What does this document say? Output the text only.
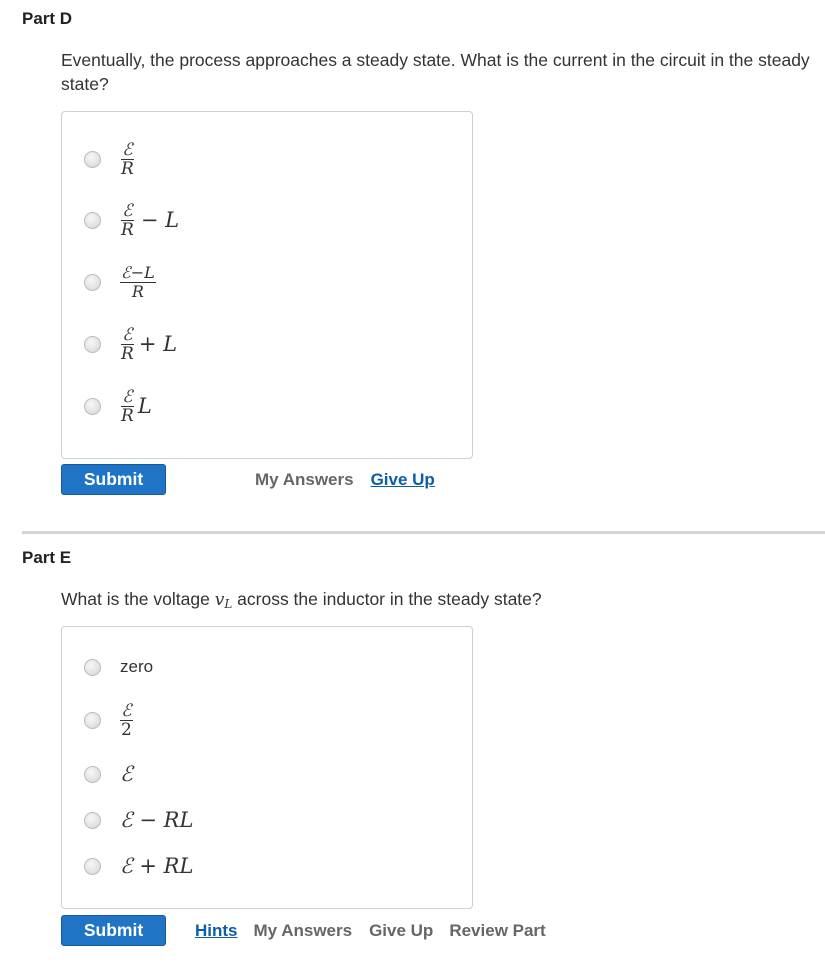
Part D
Eventually, the process approaches a steady state. What is the current in the circuit in the steady state?
$\frac{\text{ℰ}}{R}$
$\frac{\text{ℰ}}{R} - L$
$\frac{\text{ℰ−L}}{R}$
$\frac{\text{ℰ}}{R} + L$
$\frac{\text{ℰ}}{R}$ L
Submit	My Answers Give Up
Part E
What is the voltage $v_L$ across the inductor in the steady state?
zero
$\frac{\text{ℰ}}{2}$
ℰ
ℰ − RL
ℰ + RL
Submit	Hints My Answers Give Up Review Part
